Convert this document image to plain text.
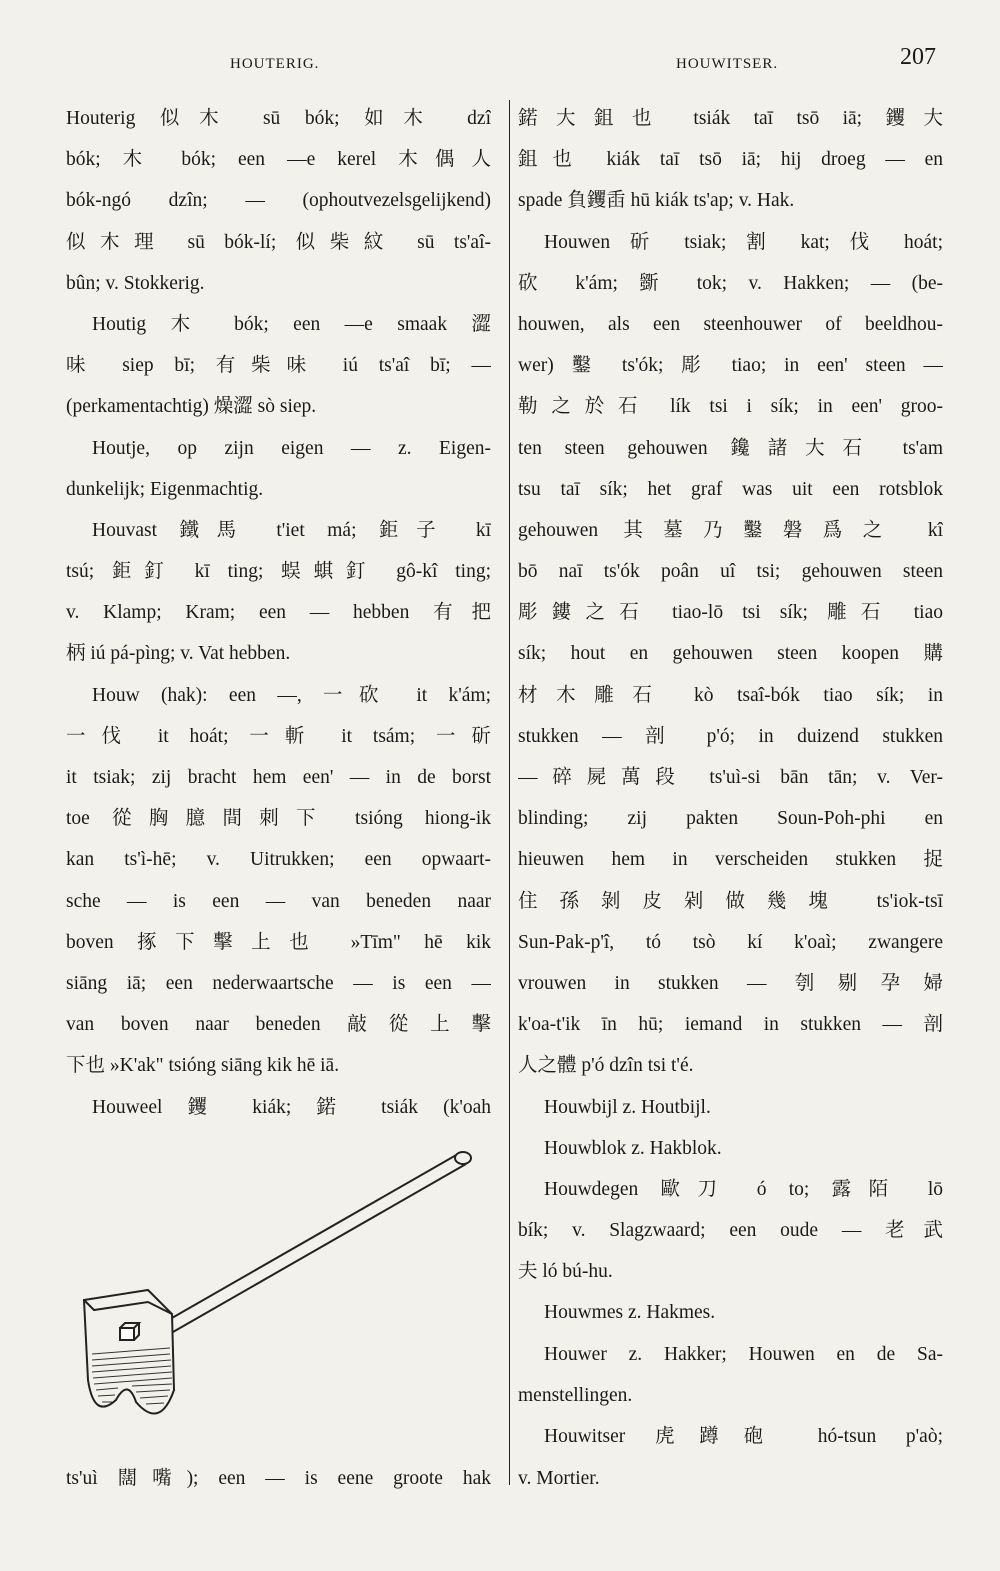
HOUTERIG.	HOUWITSER.	207
Houterig 似木 sū bók; 如木 dzî
bók; 木 bók; een —e kerel 木偶人
bók-ngó dzîn; — (ophoutvezelsgelijkend)
似木理 sū bók-lí; 似柴紋 sū ts'aî-
bûn; v. Stokkerig.
Houtig 木 bók; een —e smaak 澀
味 siep bī; 有柴味 iú ts'aî bī; —
(perkamentachtig) 燥澀 sò siep.
Houtje, op zijn eigen — z. Eigen-
dunkelijk; Eigenmachtig.
Houvast 鐵馬 t'iet má; 鉅子 kī
tsú; 鉅釘 kī ting; 蜈蜞釘 gô-kî ting;
v. Klamp; Kram; een — hebben 有把
柄 iú pá-pìng; v. Vat hebben.
Houw (hak): een —, 一砍 it k'ám;
一伐 it hoát; 一斬 it tsám; 一斫
it tsiak; zij bracht hem een' — in de borst
toe 從胸臆間刺下 tsióng hiong-ik
kan ts'ì-hē; v. Uitrukken; een opwaart-
sche — is een — van beneden naar
boven 㧻下擊上也 »Tīm" hē kik
siāng iā; een nederwaartsche — is een —
van boven naar beneden 敲從上擊
下也 »K'ak" tsióng siāng kik hē iā.
Houweel 钁 kiák; 鍩 tsiák (k'oah
ts'uì 闊嘴); een — is eene groote hak
鍩大鉏也 tsiák taī tsō iā; 钁大
鉏也 kiák taī tsō iā; hij droeg — en
spade 負钁臿 hū kiák ts'ap; v. Hak.
Houwen 斫 tsiak; 割 kat; 伐 hoát;
砍 k'ám; 斵 tok; v. Hakken; — (be-
houwen, als een steenhouwer of beeldhou-
wer) 鑿 ts'ók; 彫 tiao; in een' steen —
勒之於石 lík tsi i sík; in een' groo-
ten steen gehouwen 鑱諸大石 ts'am
tsu taī sík; het graf was uit een rotsblok
gehouwen 其墓乃鑿磐爲之 kî
bō naī ts'ók poân uî tsi; gehouwen steen
彫鏤之石 tiao-lō tsi sík; 雕石 tiao
sík; hout en gehouwen steen koopen 購
材木雕石 kò tsaî-bók tiao sík; in
stukken — 剖 p'ó; in duizend stukken
—碎屍萬段 ts'uì-si bān tān; v. Ver-
blinding; zij pakten Soun-Poh-phi en
hieuwen hem in verscheiden stukken 捉
住孫剝皮剁做幾塊 ts'iok-tsī
Sun-Pak-p'î, tó tsò kí k'oaì; zwangere
vrouwen in stukken — 刳剔孕婦
k'oa-t'ik īn hū; iemand in stukken — 剖
人之體 p'ó dzîn tsi t'é.
Houwbijl z. Houtbijl.
Houwblok z. Hakblok.
Houwdegen 歐刀 ó to; 露陌 lō
bík; v. Slagzwaard; een oude — 老武
夫 ló bú-hu.
Houwmes z. Hakmes.
Houwer z. Hakker; Houwen en de Sa-
menstellingen.
Houwitser 虎蹲砲 hó-tsun p'aò;
v. Mortier.
